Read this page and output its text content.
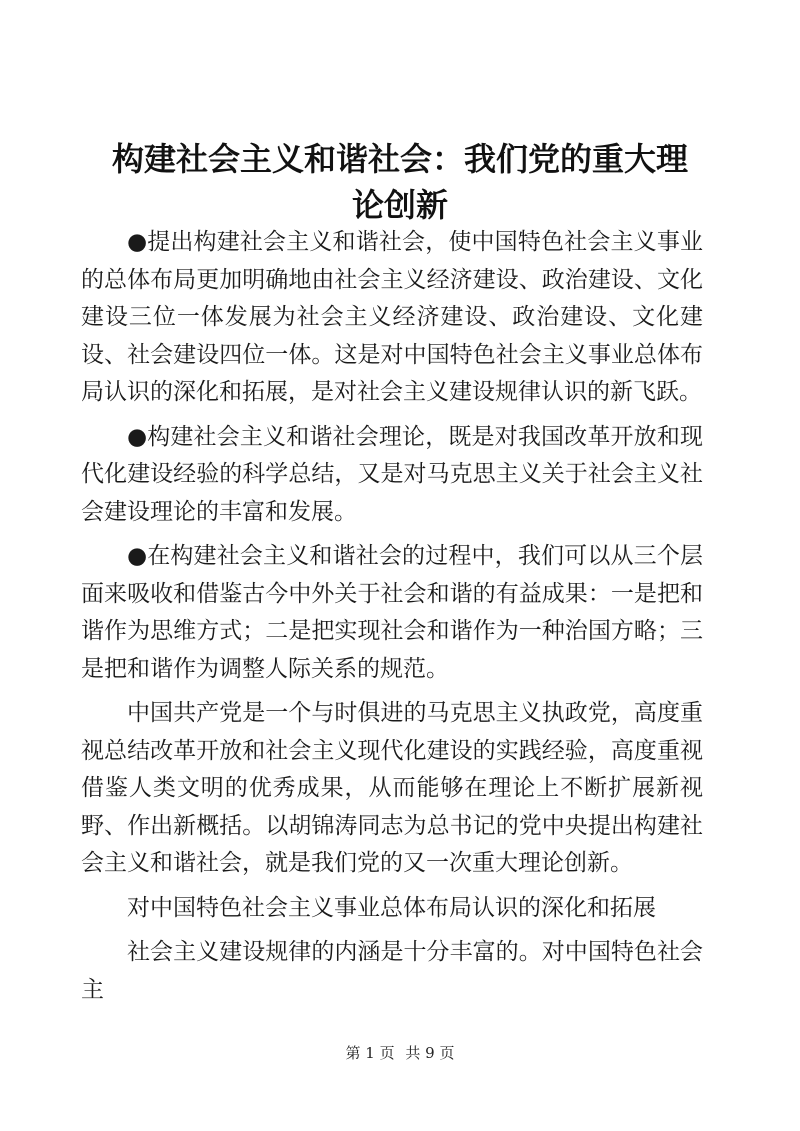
构建社会主义和谐社会：我们党的重大理论创新

●提出构建社会主义和谐社会，使中国特色社会主义事业的总体布局更加明确地由社会主义经济建设、政治建设、文化建设三位一体发展为社会主义经济建设、政治建设、文化建设、社会建设四位一体。这是对中国特色社会主义事业总体布局认识的深化和拓展，是对社会主义建设规律认识的新飞跃。

●构建社会主义和谐社会理论，既是对我国改革开放和现代化建设经验的科学总结，又是对马克思主义关于社会主义社会建设理论的丰富和发展。

●在构建社会主义和谐社会的过程中，我们可以从三个层面来吸收和借鉴古今中外关于社会和谐的有益成果：一是把和谐作为思维方式；二是把实现社会和谐作为一种治国方略；三是把和谐作为调整人际关系的规范。

中国共产党是一个与时俱进的马克思主义执政党，高度重视总结改革开放和社会主义现代化建设的实践经验，高度重视借鉴人类文明的优秀成果，从而能够在理论上不断扩展新视野、作出新概括。以胡锦涛同志为总书记的党中央提出构建社会主义和谐社会，就是我们党的又一次重大理论创新。

对中国特色社会主义事业总体布局认识的深化和拓展

社会主义建设规律的内涵是十分丰富的。对中国特色社会主

第 1 页 共 9 页
